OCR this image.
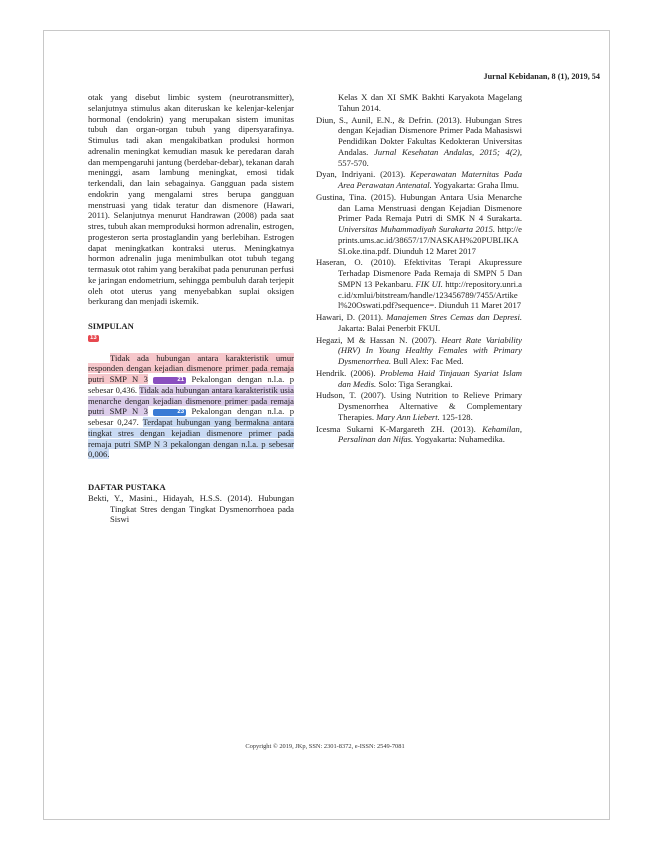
Jurnal Kebidanan, 8 (1), 2019, 54

otak yang disebut limbic system (neurotransmitter), selanjutnya stimulus akan diteruskan ke kelenjar-kelenjar hormonal (endokrin) yang merupakan sistem imunitas tubuh dan organ-organ tubuh yang dipersyarafinya. Stimulus tadi akan mengakibatkan produksi hormon adrenalin meningkat kemudian masuk ke peredaran darah dan mempengaruhi jantung (berdebar-debar), tekanan darah meninggi, asam lambung meningkat, emosi tidak terkendali, dan lain sebagainya. Gangguan pada sistem endokrin yang mengalami stres berupa gangguan menstruasi yang tidak teratur dan dismenore (Hawari, 2011). Selanjutnya menurut Handrawan (2008) pada saat stres, tubuh akan memproduksi hormon adrenalin, estrogen, progesteron serta prostaglandin yang berlebihan. Estrogen dapat meningkatkan kontraksi uterus. Meningkatnya hormon adrenalin juga menimbulkan otot tubuh tegang termasuk otot rahim yang berakibat pada penurunan perfusi ke jaringan endometrium, sehingga pembuluh darah terjepit oleh otot uterus yang menyebabkan suplai oksigen berkurang dan menjadi iskemik.

SIMPULAN
13

Tidak ada hubungan antara karakteristik umur responden dengan kejadian dismenore primer pada remaja putri SMP N 3	21 Pekalongan dengan n.l.a. p sebesar 0,436. Tidak ada hubungan antara karakteristik usia menarche dengan kejadian dismenore primer pada remaja putri SMP N 3	23 Pekalongan dengan n.l.a. p sebesar 0,247. Terdapat hubungan yang bermakna antara tingkat stres dengan kejadian dismenore primer pada remaja putri SMP N 3 pekalongan dengan n.l.a. p sebesar 0,006.

DAFTAR PUSTAKA
Bekti, Y., Masini., Hidayah, H.S.S. (2014). Hubungan Tingkat Stres dengan Tingkat Dysmenorrhoea pada Siswi
Kelas X dan XI SMK Bakhti Karyakota Magelang Tahun 2014.
Diun, S., Aunil, E.N., & Defrin. (2013). Hubungan Stres dengan Kejadian Dismenore Primer Pada Mahasiswi Pendidikan Dokter Fakultas Kedokteran Universitas Andalas. Jurnal Kesehatan Andalas, 2015; 4(2), 557-570.
Dyan, Indriyani. (2013). Keperawatan Maternitas Pada Area Perawatan Antenatal. Yogyakarta: Graha Ilmu.
Gustina, Tina. (2015). Hubungan Antara Usia Menarche dan Lama Menstruasi dengan Kejadian Dismenore Primer Pada Remaja Putri di SMK N 4 Surakarta. Universitas Muhammadiyah Surakarta 2015. http://eprints.ums.ac.id/38657/17/NASKAH%20PUBLIKASI.oke.tina.pdf. Diunduh 12 Maret 2017
Haseran, O. (2010). Efektivitas Terapi Akupressure Terhadap Dismenore Pada Remaja di SMPN 5 Dan SMPN 13 Pekanbaru. FIK UI. http://repository.unri.ac.id/xmlui/bitstream/handle/123456789/7455/Artikel%20Oswati.pdf?sequence=. Diunduh 11 Maret 2017
Hawari, D. (2011). Manajemen Stres Cemas dan Depresi. Jakarta: Balai Penerbit FKUI.
Hegazi, M & Hassan N. (2007). Heart Rate Variability (HRV) In Young Healthy Females with Primary Dysmenorrhea. Bull Alex: Fac Med.
Hendrik. (2006). Problema Haid Tinjauan Syariat Islam dan Medis. Solo: Tiga Serangkai.
Hudson, T. (2007). Using Nutrition to Relieve Primary Dysmenorrhea Alternative & Complementary Therapies. Mary Ann Liebert. 125-128.
Icesma Sukarni K-Margareth ZH. (2013). Kehamilan, Persalinan dan Nifas. Yogyakarta: Nuhamedika.
Copyright © 2019, JKp, SSN: 2301-8372, e-ISSN: 2549-7081
